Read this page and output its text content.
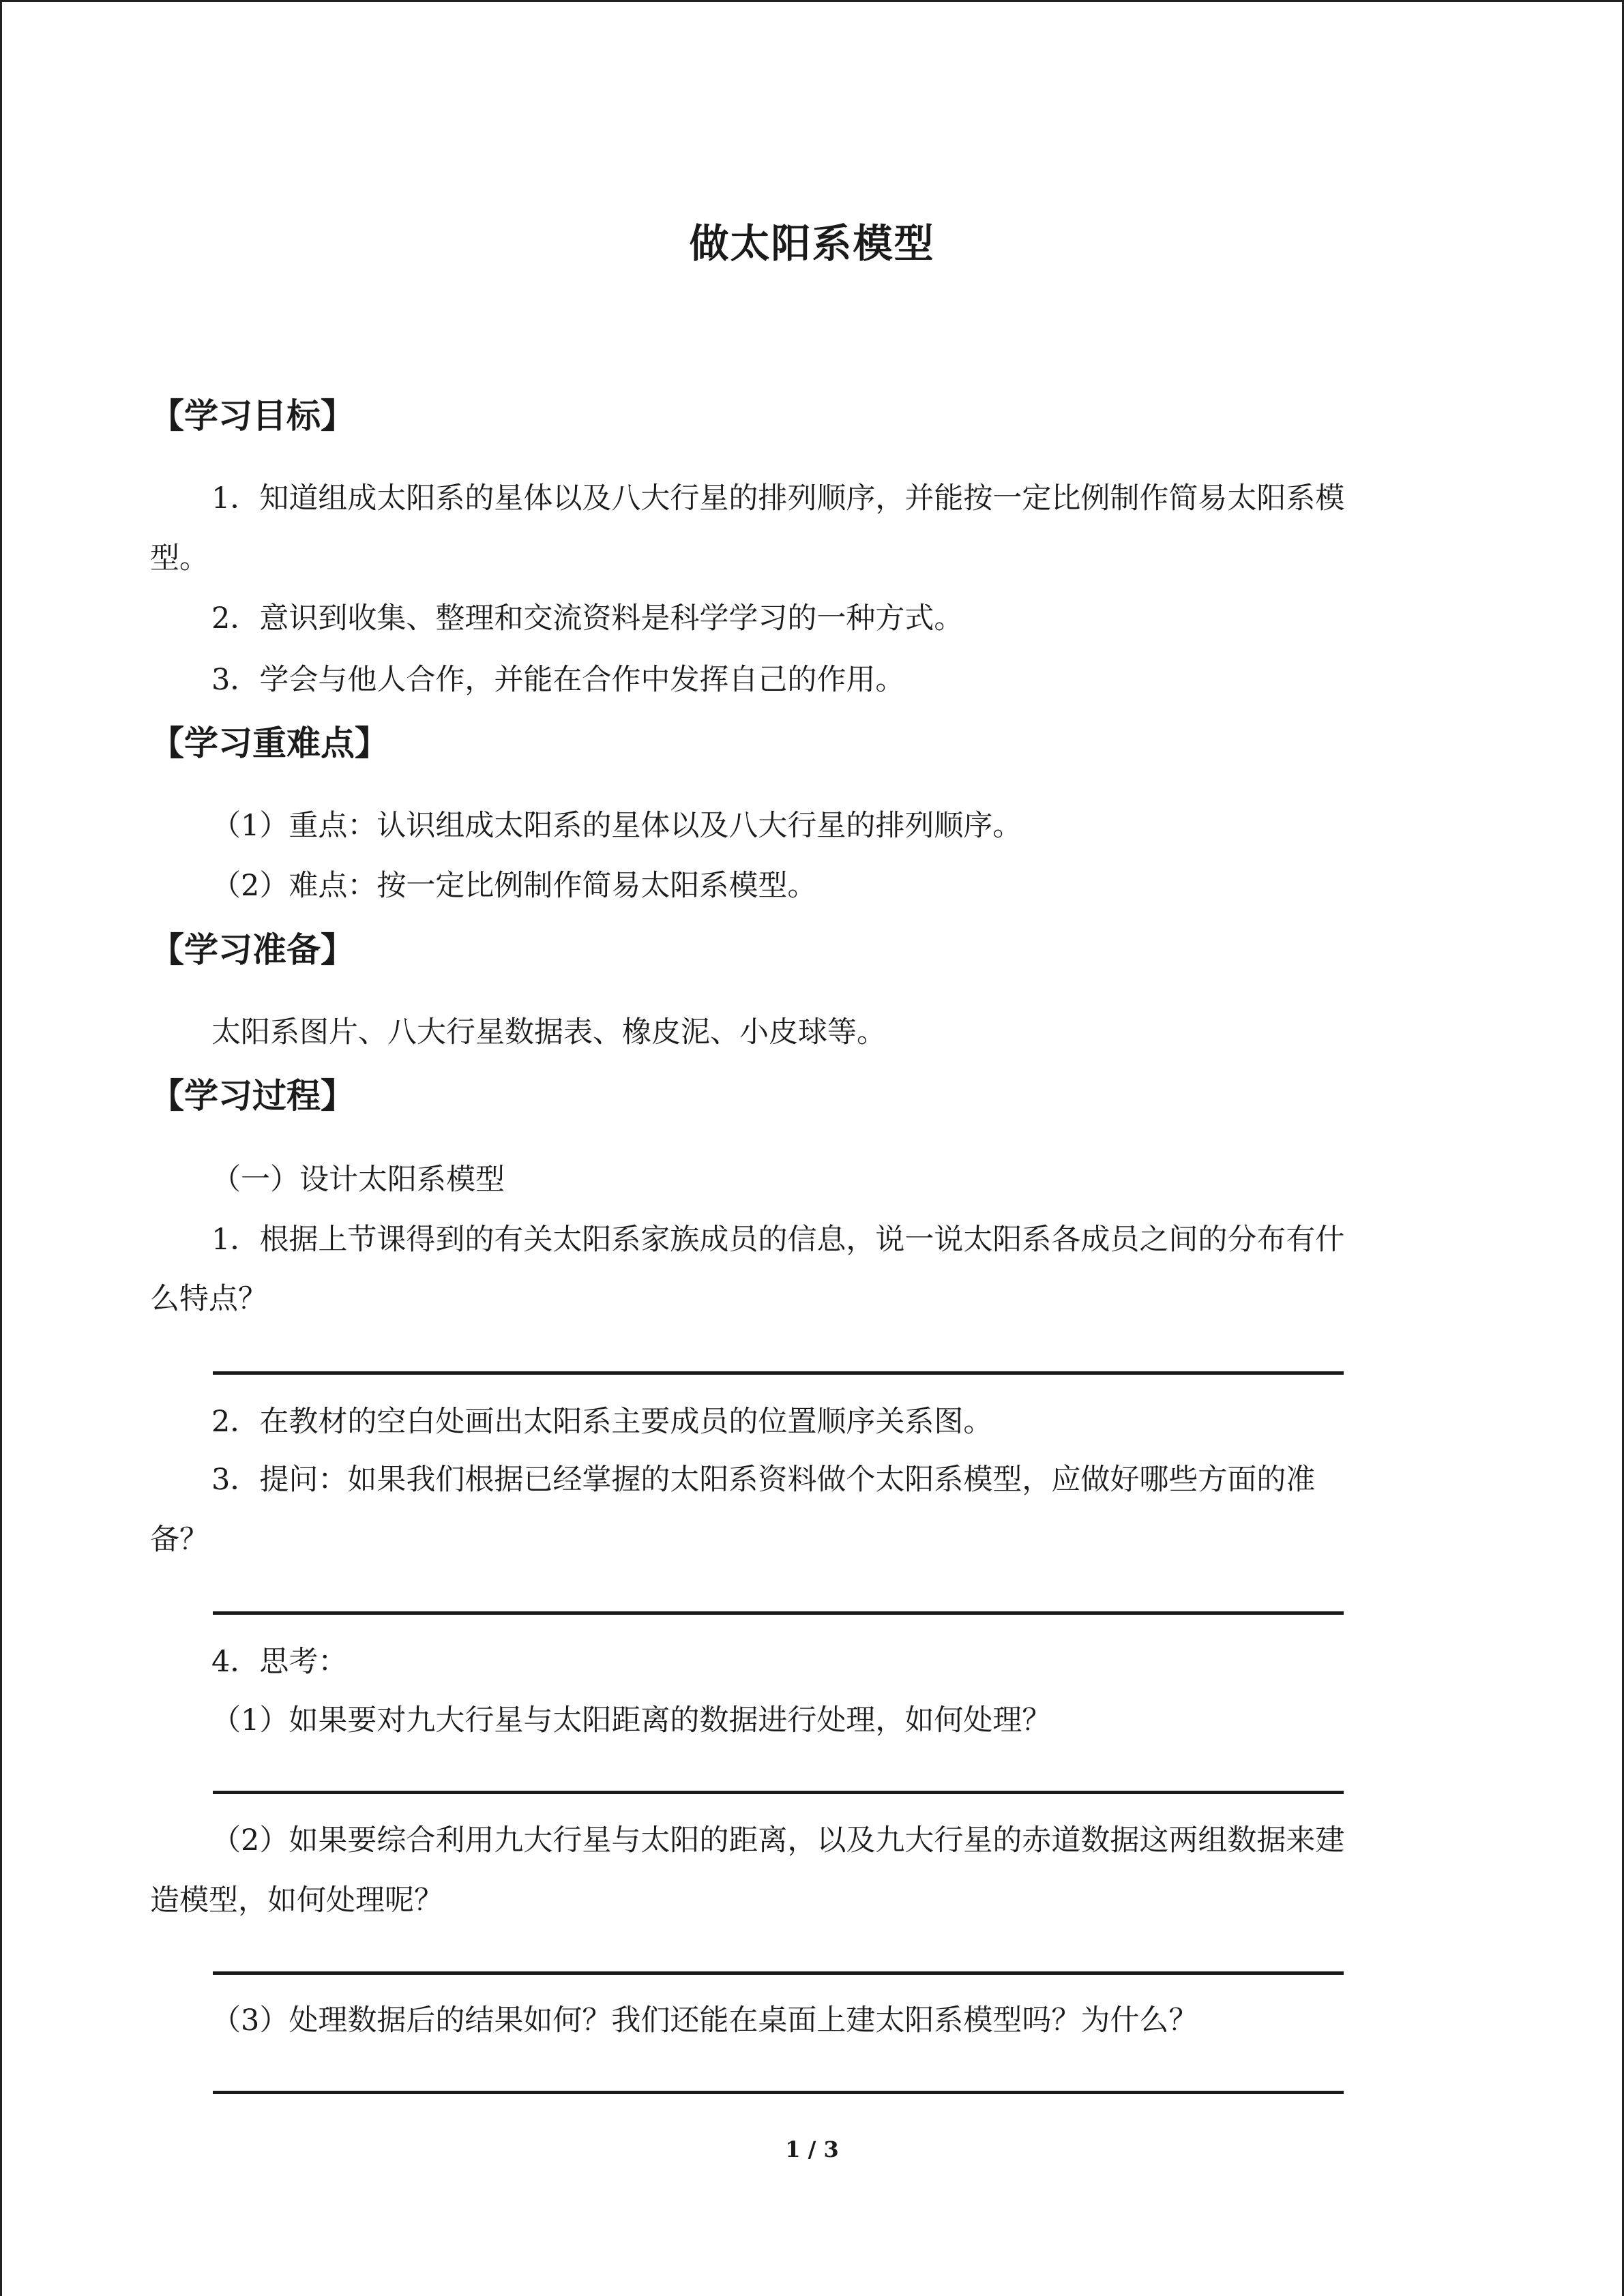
做太阳系模型
【学习目标】
1．知道组成太阳系的星体以及八大行星的排列顺序，并能按一定比例制作简易太阳系模
型。
2．意识到收集、整理和交流资料是科学学习的一种方式。
3．学会与他人合作，并能在合作中发挥自己的作用。
【学习重难点】
（1）重点：认识组成太阳系的星体以及八大行星的排列顺序。
（2）难点：按一定比例制作简易太阳系模型。
【学习准备】
太阳系图片、八大行星数据表、橡皮泥、小皮球等。
【学习过程】
（一）设计太阳系模型
1．根据上节课得到的有关太阳系家族成员的信息，说一说太阳系各成员之间的分布有什
么特点？
2．在教材的空白处画出太阳系主要成员的位置顺序关系图。
3．提问：如果我们根据已经掌握的太阳系资料做个太阳系模型，应做好哪些方面的准
备？
4．思考：
（1）如果要对九大行星与太阳距离的数据进行处理，如何处理？
（2）如果要综合利用九大行星与太阳的距离，以及九大行星的赤道数据这两组数据来建
造模型，如何处理呢？
（3）处理数据后的结果如何？我们还能在桌面上建太阳系模型吗？为什么？
1 / 3
